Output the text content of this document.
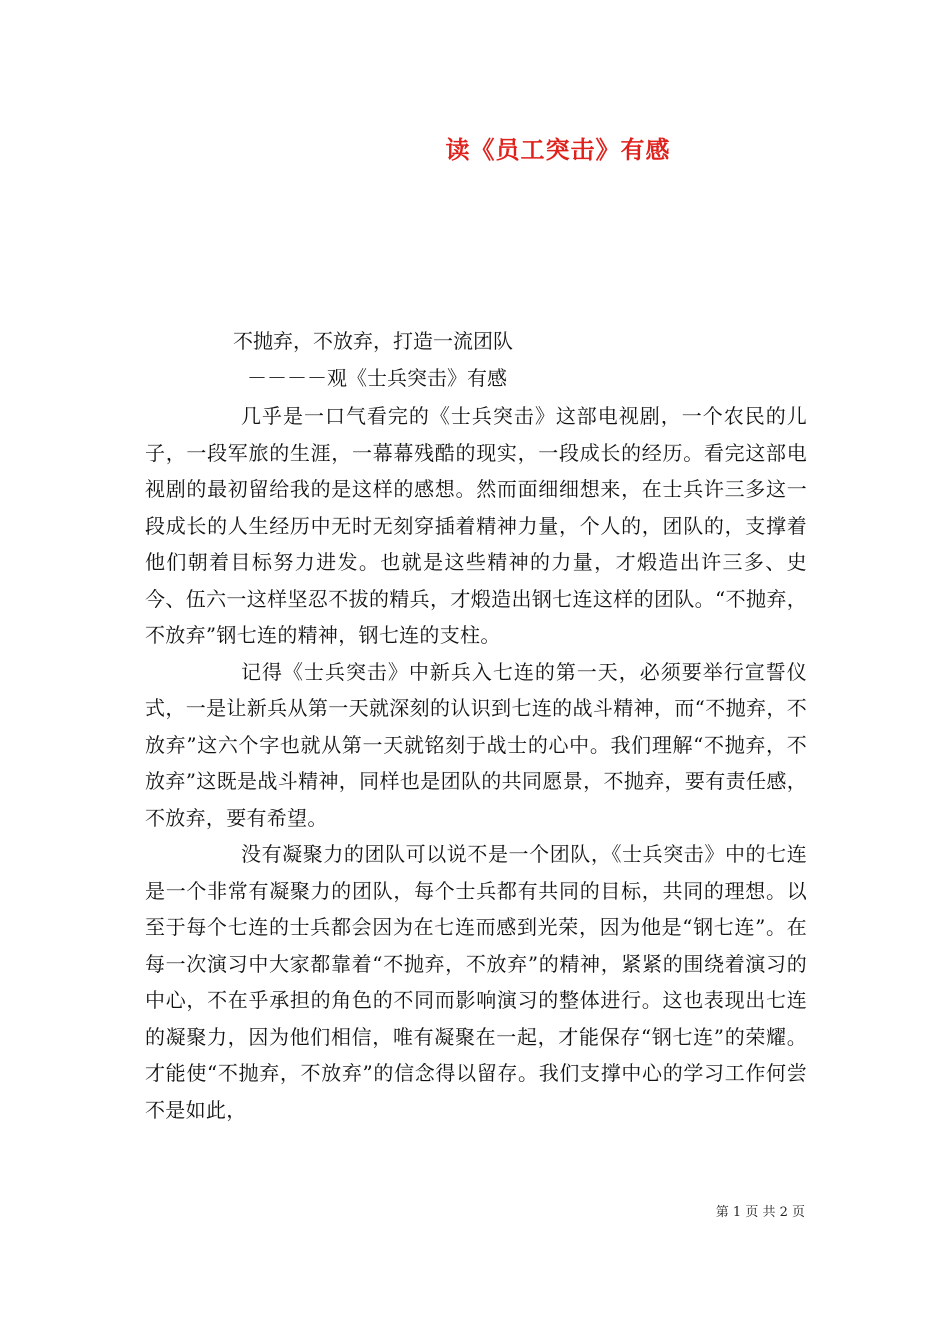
读《员工突击》有感
不抛弃，不放弃，打造一流团队
－－－－观《士兵突击》有感

几乎是一口气看完的《士兵突击》这部电视剧，一个农民的儿子，一段军旅的生涯，一幕幕残酷的现实，一段成长的经历。看完这部电视剧的最初留给我的是这样的感想。然而面细细想来，在士兵许三多这一段成长的人生经历中无时无刻穿插着精神力量，个人的，团队的，支撑着他们朝着目标努力进发。也就是这些精神的力量，才煅造出许三多、史今、伍六一这样坚忍不拔的精兵，才煅造出钢七连这样的团队。“不抛弃，不放弃”钢七连的精神，钢七连的支柱。

记得《士兵突击》中新兵入七连的第一天，必须要举行宣誓仪式，一是让新兵从第一天就深刻的认识到七连的战斗精神，而“不抛弃，不放弃”这六个字也就从第一天就铭刻于战士的心中。我们理解“不抛弃，不放弃”这既是战斗精神，同样也是团队的共同愿景，不抛弃，要有责任感，不放弃，要有希望。

没有凝聚力的团队可以说不是一个团队，《士兵突击》中的七连是一个非常有凝聚力的团队，每个士兵都有共同的目标，共同的理想。以至于每个七连的士兵都会因为在七连而感到光荣，因为他是“钢七连”。在每一次演习中大家都靠着“不抛弃，不放弃”的精神，紧紧的围绕着演习的中心，不在乎承担的角色的不同而影响演习的整体进行。这也表现出七连的凝聚力，因为他们相信，唯有凝聚在一起，才能保存“钢七连”的荣耀。才能使“不抛弃，不放弃”的信念得以留存。我们支撑中心的学习工作何尝不是如此，

第 1 页 共 2 页
